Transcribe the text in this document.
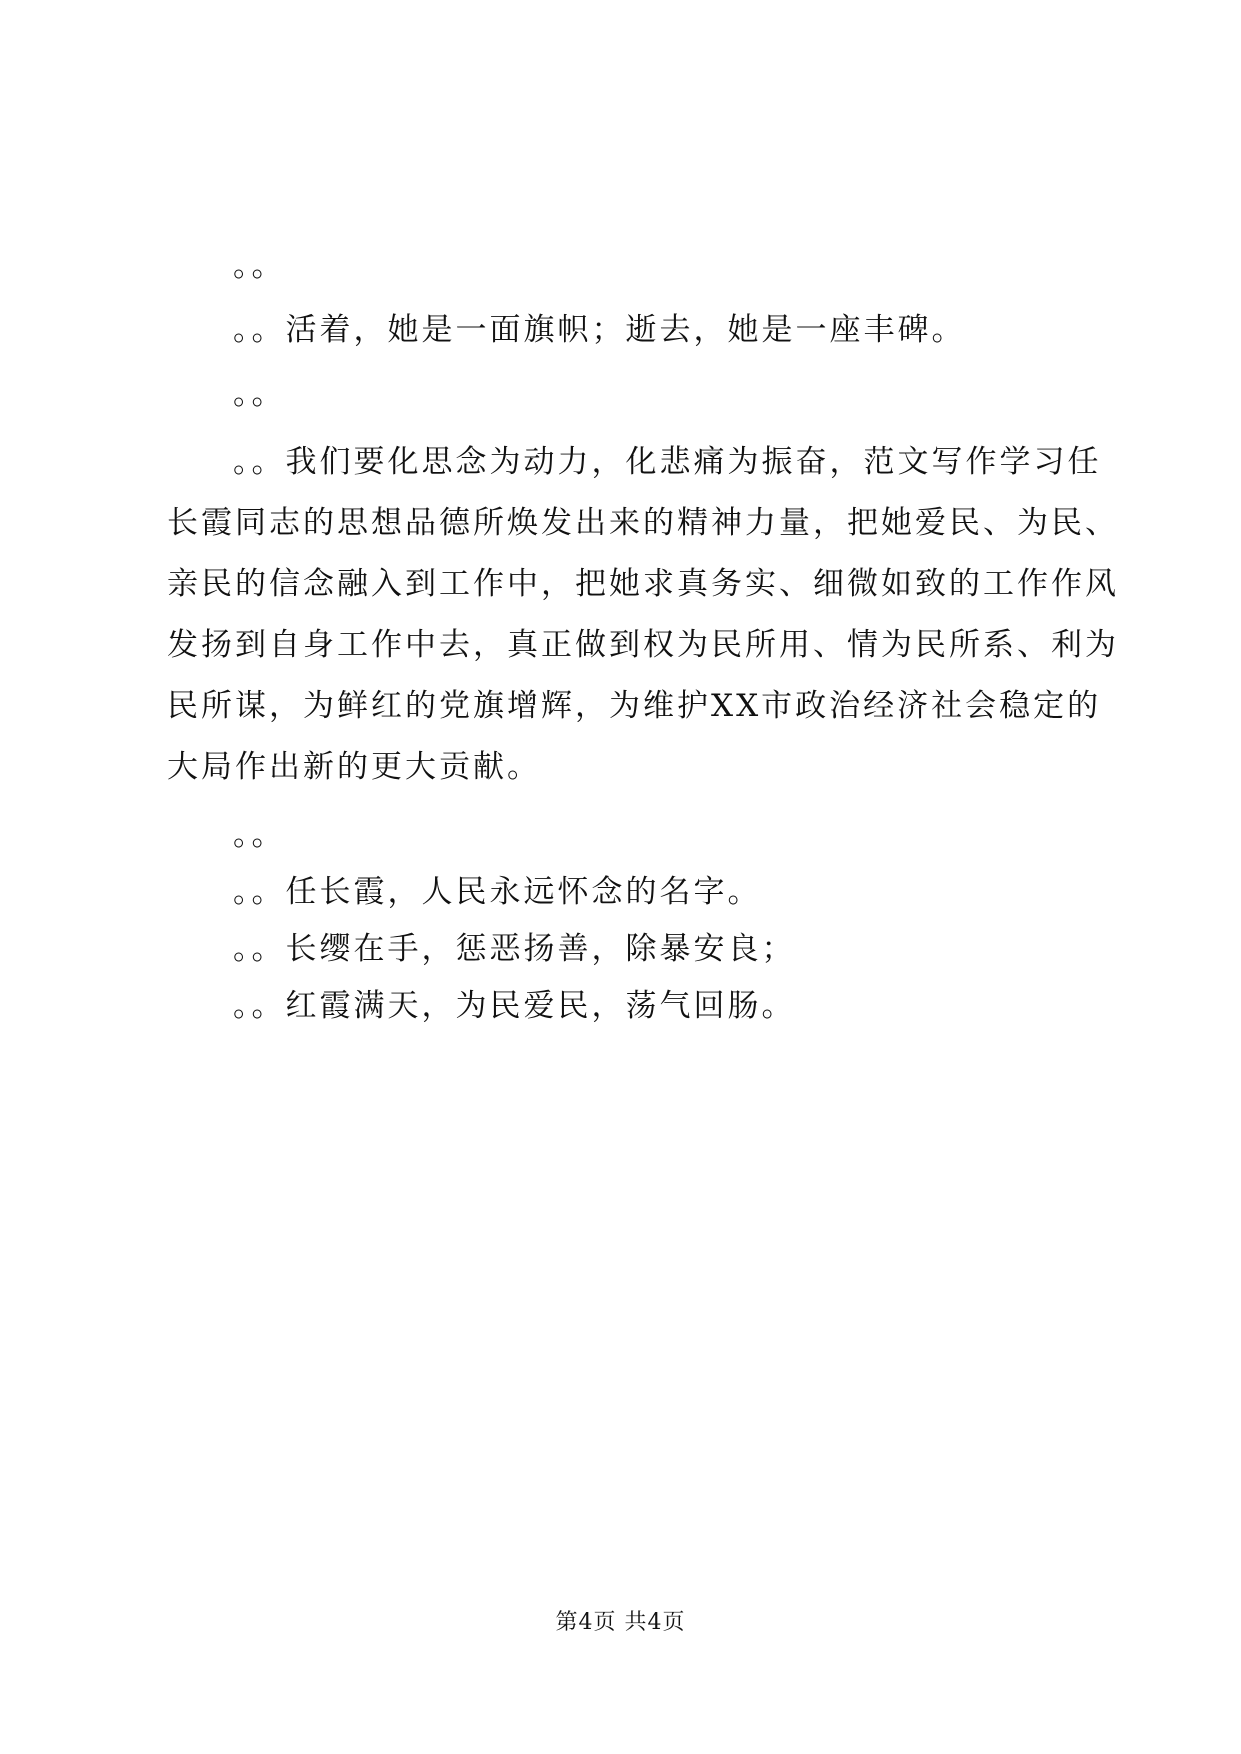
。。
。。活着，她是一面旗帜；逝去，她是一座丰碑。
。。
。。我们要化思念为动力，化悲痛为振奋，范文写作学习任
长霞同志的思想品德所焕发出来的精神力量，把她爱民、为民、
亲民的信念融入到工作中，把她求真务实、细微如致的工作作风
发扬到自身工作中去，真正做到权为民所用、情为民所系、利为
民所谋，为鲜红的党旗增辉，为维护XX市政治经济社会稳定的
大局作出新的更大贡献。
。。
。。任长霞，人民永远怀念的名字。
。。长缨在手，惩恶扬善，除暴安良；
。。红霞满天，为民爱民，荡气回肠。
第4页 共4页
